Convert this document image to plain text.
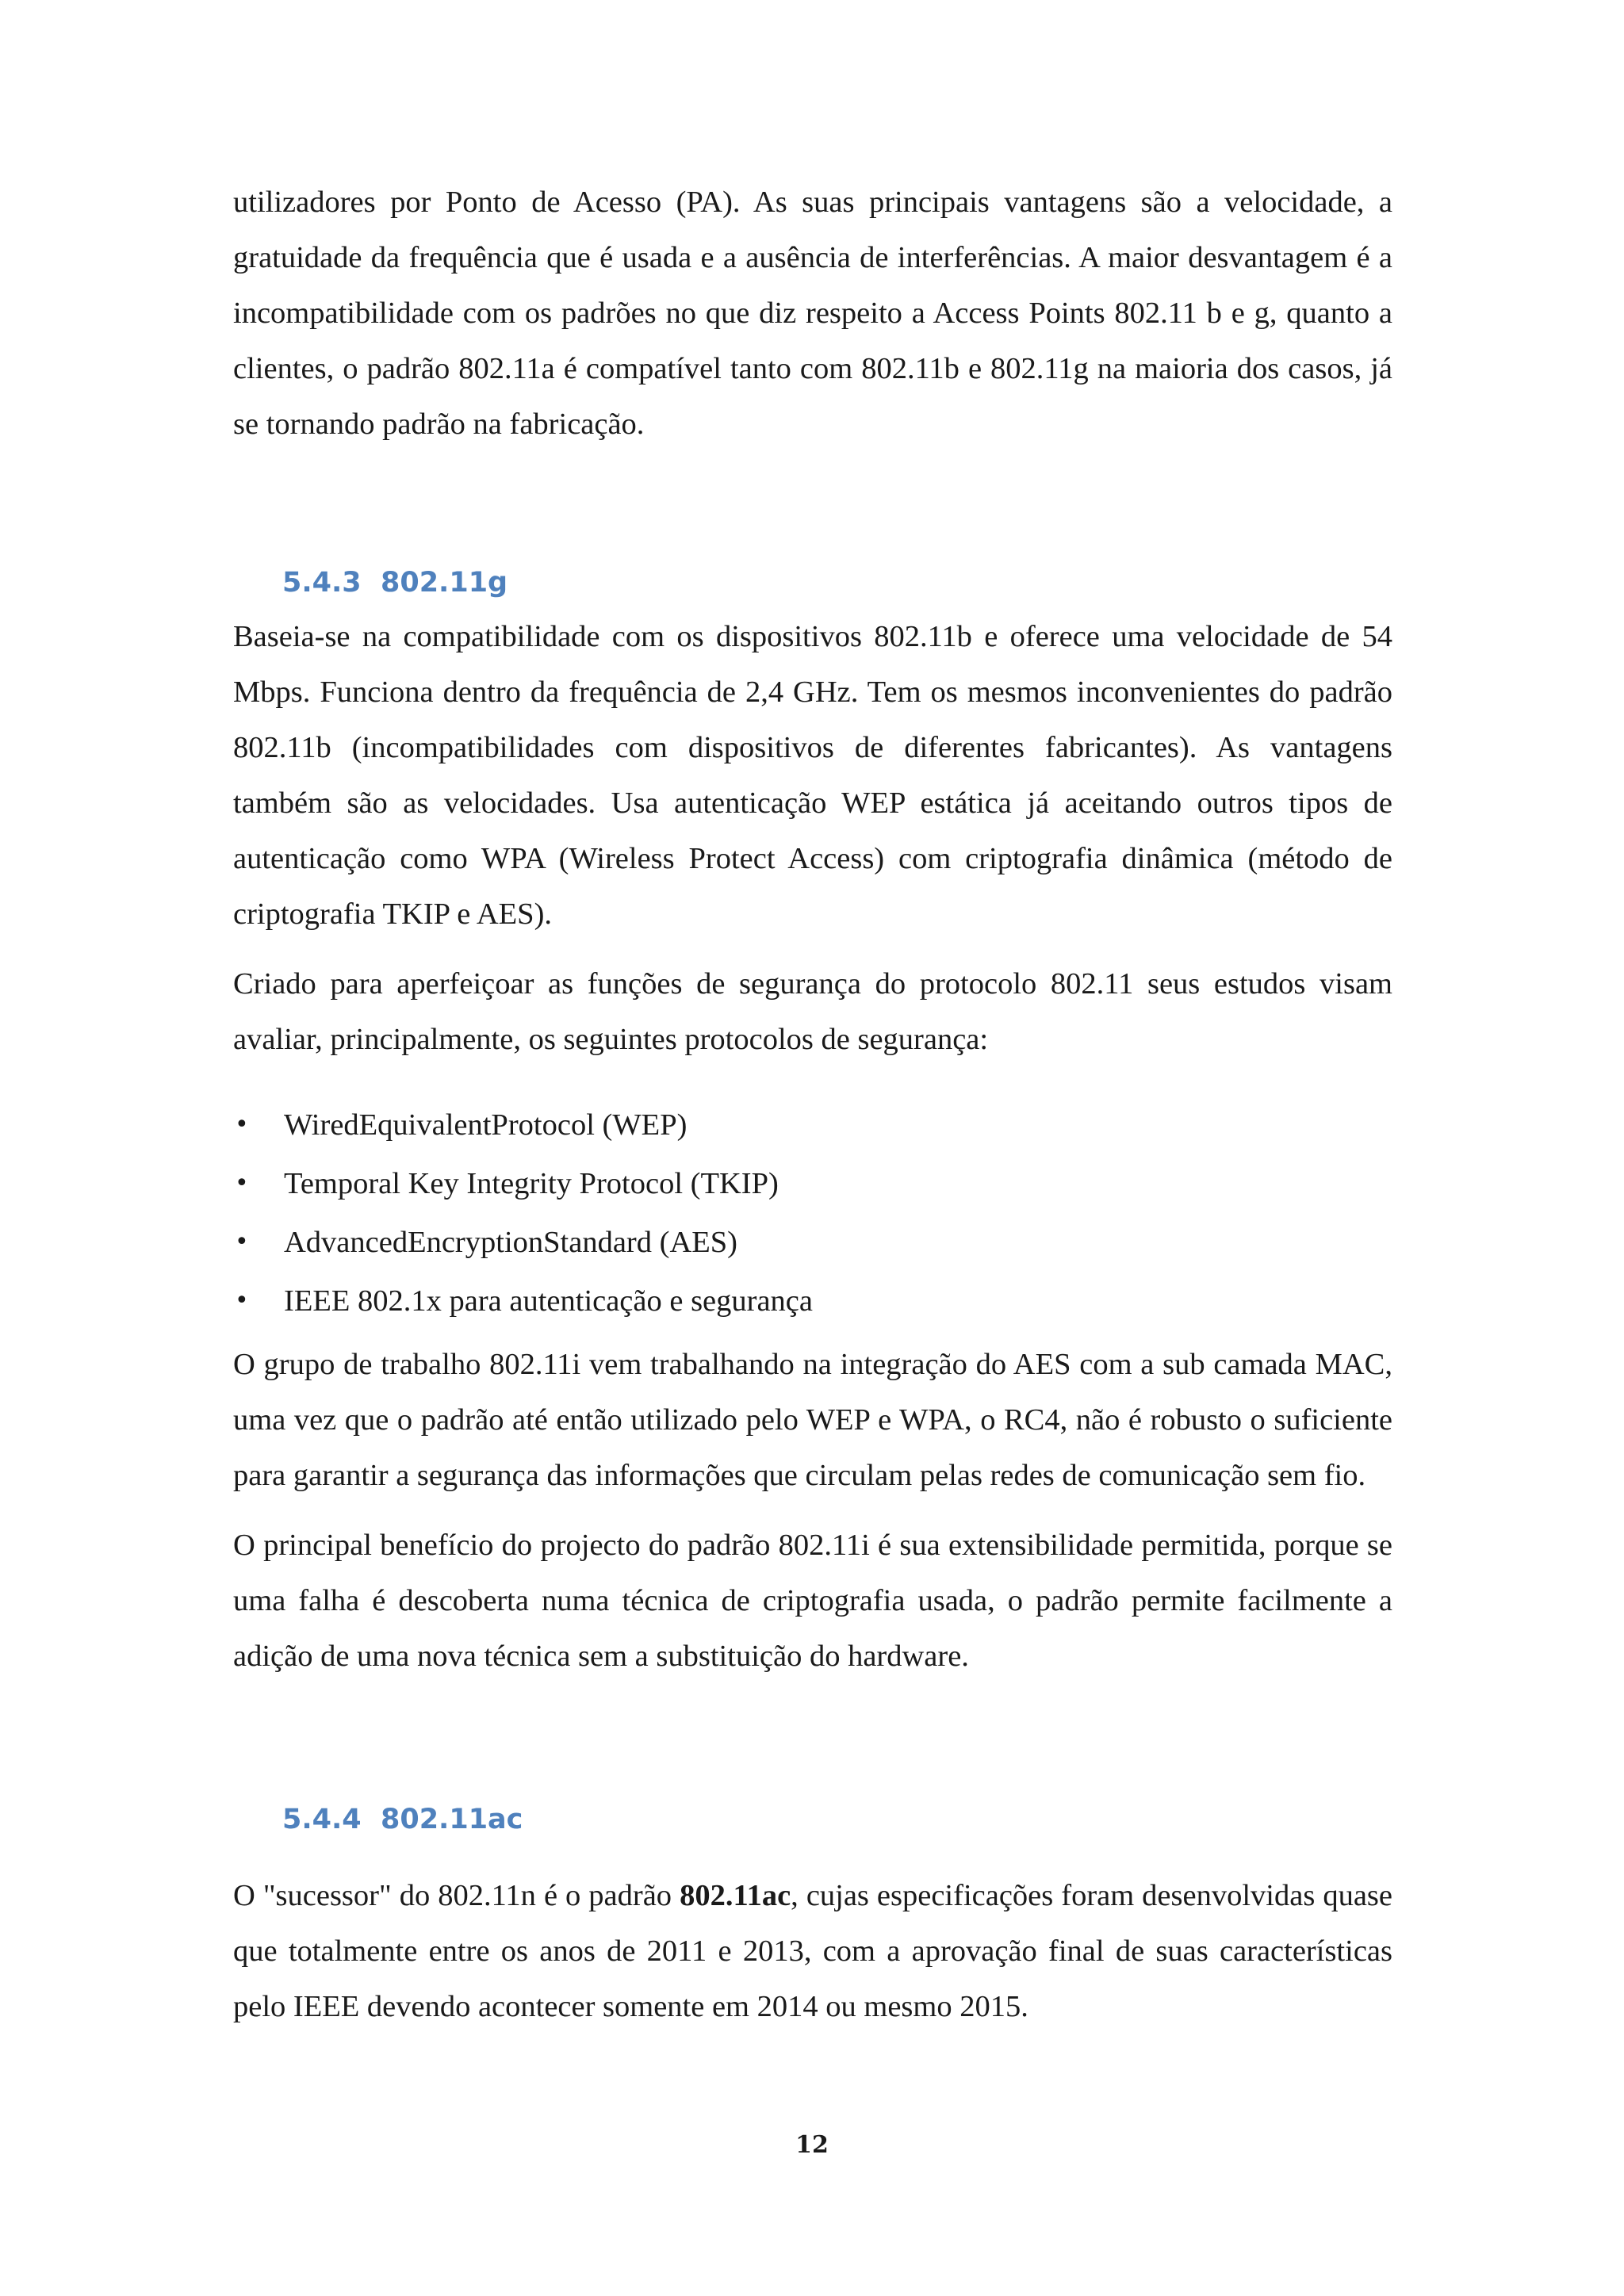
utilizadores por Ponto de Acesso (PA). As suas principais vantagens são a velocidade, a gratuidade da frequência que é usada e a ausência de interferências. A maior desvantagem é a incompatibilidade com os padrões no que diz respeito a Access Points 802.11 b e g, quanto a clientes, o padrão 802.11a é compatível tanto com 802.11b e 802.11g na maioria dos casos, já se tornando padrão na fabricação.

5.4.3 802.11g

Baseia-se na compatibilidade com os dispositivos 802.11b e oferece uma velocidade de 54 Mbps. Funciona dentro da frequência de 2,4 GHz. Tem os mesmos inconvenientes do padrão 802.11b (incompatibilidades com dispositivos de diferentes fabricantes). As vantagens também são as velocidades. Usa autenticação WEP estática já aceitando outros tipos de autenticação como WPA (Wireless Protect Access) com criptografia dinâmica (método de criptografia TKIP e AES).

Criado para aperfeiçoar as funções de segurança do protocolo 802.11 seus estudos visam avaliar, principalmente, os seguintes protocolos de segurança:

• WiredEquivalentProtocol (WEP)
• Temporal Key Integrity Protocol (TKIP)
• AdvancedEncryptionStandard (AES)
• IEEE 802.1x para autenticação e segurança

O grupo de trabalho 802.11i vem trabalhando na integração do AES com a sub camada MAC, uma vez que o padrão até então utilizado pelo WEP e WPA, o RC4, não é robusto o suficiente para garantir a segurança das informações que circulam pelas redes de comunicação sem fio.

O principal benefício do projecto do padrão 802.11i é sua extensibilidade permitida, porque se uma falha é descoberta numa técnica de criptografia usada, o padrão permite facilmente a adição de uma nova técnica sem a substituição do hardware.

5.4.4 802.11ac

O "sucessor" do 802.11n é o padrão 802.11ac, cujas especificações foram desenvolvidas quase que totalmente entre os anos de 2011 e 2013, com a aprovação final de suas características pelo IEEE devendo acontecer somente em 2014 ou mesmo 2015.

12
